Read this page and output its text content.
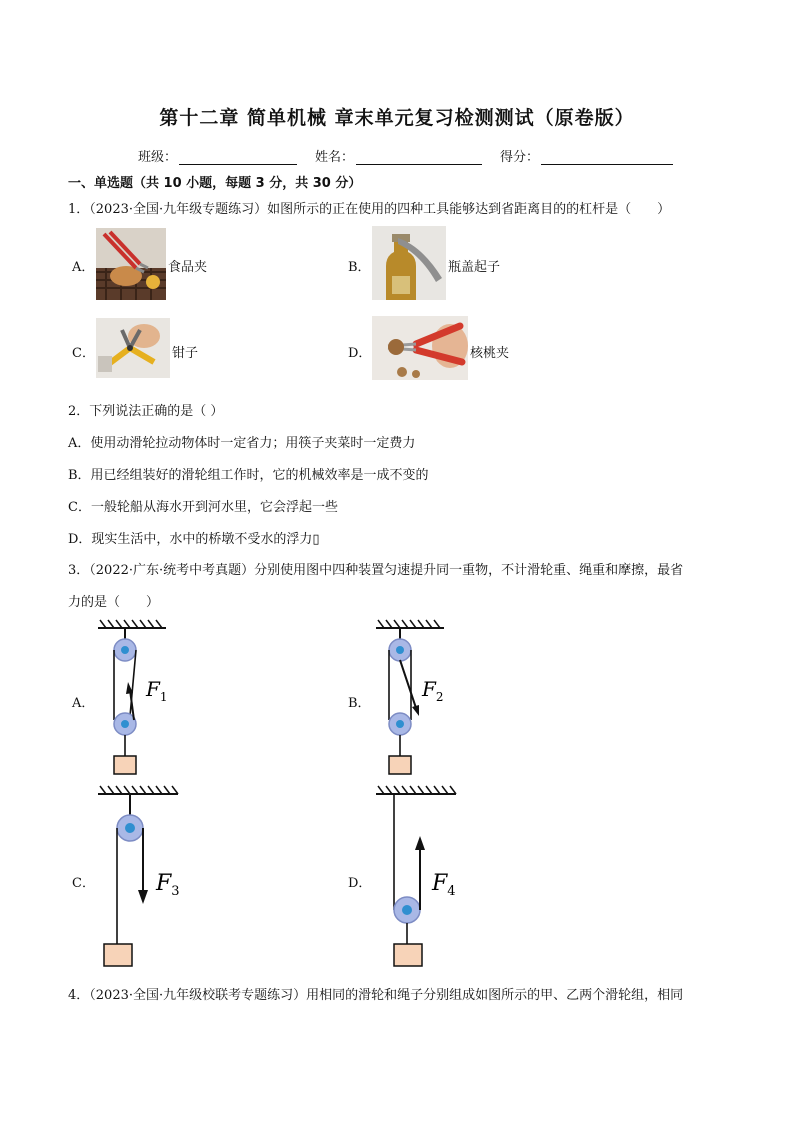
第十二章 简单机械 章末单元复习检测测试（原卷版）
班级：	姓名：	得分：
一、单选题（共 10 小题，每题 3 分，共 30 分）
1．（2023·全国·九年级专题练习）如图所示的正在使用的四种工具能够达到省距离目的的杠杆是（　　）
A．	食品夹	B．	瓶盖起子
C．	钳子	D．	核桃夹
2．下列说法正确的是（ ）
A．使用动滑轮拉动物体时一定省力；用筷子夹菜时一定费力
B．用已经组装好的滑轮组工作时，它的机械效率是一成不变的
C．一般轮船从海水开到河水里，它会浮起一些
D．现实生活中，水中的桥墩不受水的浮力▯
3．（2022·广东·统考中考真题）分别使用图中四种装置匀速提升同一重物，不计滑轮重、绳重和摩擦，最省
力的是（　　）
A．
$F_1$	B．
$F_2$
C．	$F_3$
D．	$F_4$
4．（2023·全国·九年级校联考专题练习）用相同的滑轮和绳子分别组成如图所示的甲、乙两个滑轮组，相同
